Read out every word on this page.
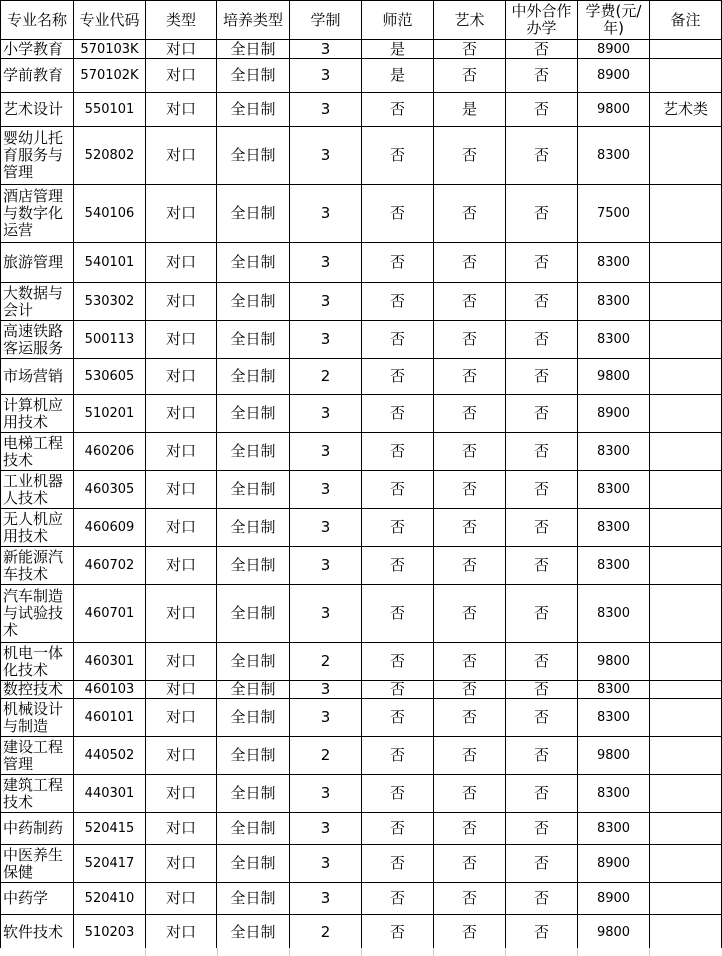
专业名称	专业代码	类型	培养类型	学制	师范	艺术	中外合作办学	学费(元/年)	备注
小学教育	570103K	对口	全日制	3	是	否	否	8900	
学前教育	570102K	对口	全日制	3	是	否	否	8900	
艺术设计	550101	对口	全日制	3	否	是	否	9800	艺术类
婴幼儿托育服务与管理	520802	对口	全日制	3	否	否	否	8300	
酒店管理与数字化运营	540106	对口	全日制	3	否	否	否	7500	
旅游管理	540101	对口	全日制	3	否	否	否	8300	
大数据与会计	530302	对口	全日制	3	否	否	否	8300	
高速铁路客运服务	500113	对口	全日制	3	否	否	否	8300	
市场营销	530605	对口	全日制	2	否	否	否	9800	
计算机应用技术	510201	对口	全日制	3	否	否	否	8900	
电梯工程技术	460206	对口	全日制	3	否	否	否	8300	
工业机器人技术	460305	对口	全日制	3	否	否	否	8300	
无人机应用技术	460609	对口	全日制	3	否	否	否	8300	
新能源汽车技术	460702	对口	全日制	3	否	否	否	8300	
汽车制造与试验技术	460701	对口	全日制	3	否	否	否	8300	
机电一体化技术	460301	对口	全日制	2	否	否	否	9800	
数控技术	460103	对口	全日制	3	否	否	否	8300	
机械设计与制造	460101	对口	全日制	3	否	否	否	8300	
建设工程管理	440502	对口	全日制	2	否	否	否	9800	
建筑工程技术	440301	对口	全日制	3	否	否	否	8300	
中药制药	520415	对口	全日制	3	否	否	否	8300	
中医养生保健	520417	对口	全日制	3	否	否	否	8900	
中药学	520410	对口	全日制	3	否	否	否	8900	
软件技术	510203	对口	全日制	2	否	否	否	9800	
